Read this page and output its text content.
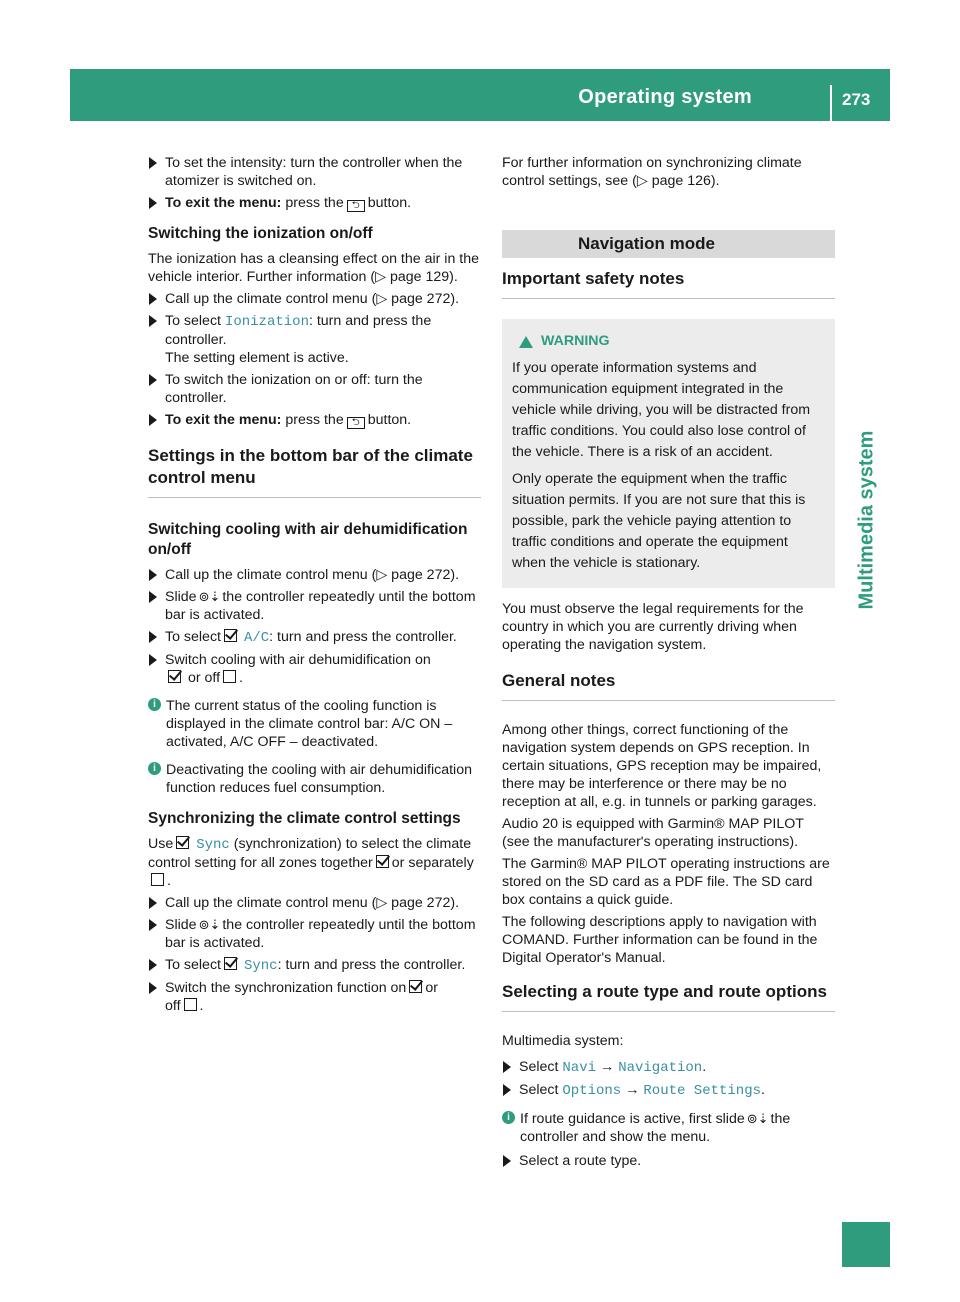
Operating system	273
Multimedia system
To set the intensity: turn the controller when the atomizer is switched on.
To exit the menu: press the ⮌ button.
Switching the ionization on/off

The ionization has a cleansing effect on the air in the vehicle interior. Further information (▷ page 129).

Call up the climate control menu (▷ page 272).
To select Ionization: turn and press the controller.
The setting element is active.
To switch the ionization on or off: turn the controller.
To exit the menu: press the ⮌ button.
Settings in the bottom bar of the climate control menu
Switching cooling with air dehumidification on/off
Call up the climate control menu (▷ page 272).
Slide ⊚⇣ the controller repeatedly until the bottom bar is activated.
To select A/C: turn and press the controller.
Switch cooling with air dehumidification on
or off .
i The current status of the cooling function is displayed in the climate control bar: A/C ON – activated, A/C OFF – deactivated.
i Deactivating the cooling with air dehumidification function reduces fuel consumption.
Synchronizing the climate control settings

Use Sync (synchronization) to select the climate control setting for all zones together or separately.

Call up the climate control menu (▷ page 272).
Slide ⊚⇣ the controller repeatedly until the bottom bar is activated.
To select Sync: turn and press the controller.
Switch the synchronization function on or
off .

For further information on synchronizing climate control settings, see (▷ page 126).

Navigation mode
Important safety notes
WARNING

If you operate information systems and communication equipment integrated in the vehicle while driving, you will be distracted from traffic conditions. You could also lose control of the vehicle. There is a risk of an accident.

Only operate the equipment when the traffic situation permits. If you are not sure that this is possible, park the vehicle paying attention to traffic conditions and operate the equipment when the vehicle is stationary.

You must observe the legal requirements for the country in which you are currently driving when operating the navigation system.

General notes

Among other things, correct functioning of the navigation system depends on GPS reception. In certain situations, GPS reception may be impaired, there may be interference or there may be no reception at all, e.g. in tunnels or parking garages.

Audio 20 is equipped with Garmin® MAP PILOT (see the manufacturer's operating instructions).

The Garmin® MAP PILOT operating instructions are stored on the SD card as a PDF file. The SD card box contains a quick guide.

The following descriptions apply to navigation with COMAND. Further information can be found in the Digital Operator's Manual.

Selecting a route type and route options

Multimedia system:

Select Navi → Navigation.
Select Options → Route Settings.
i If route guidance is active, first slide ⊚⇣ the controller and show the menu.
Select a route type.
